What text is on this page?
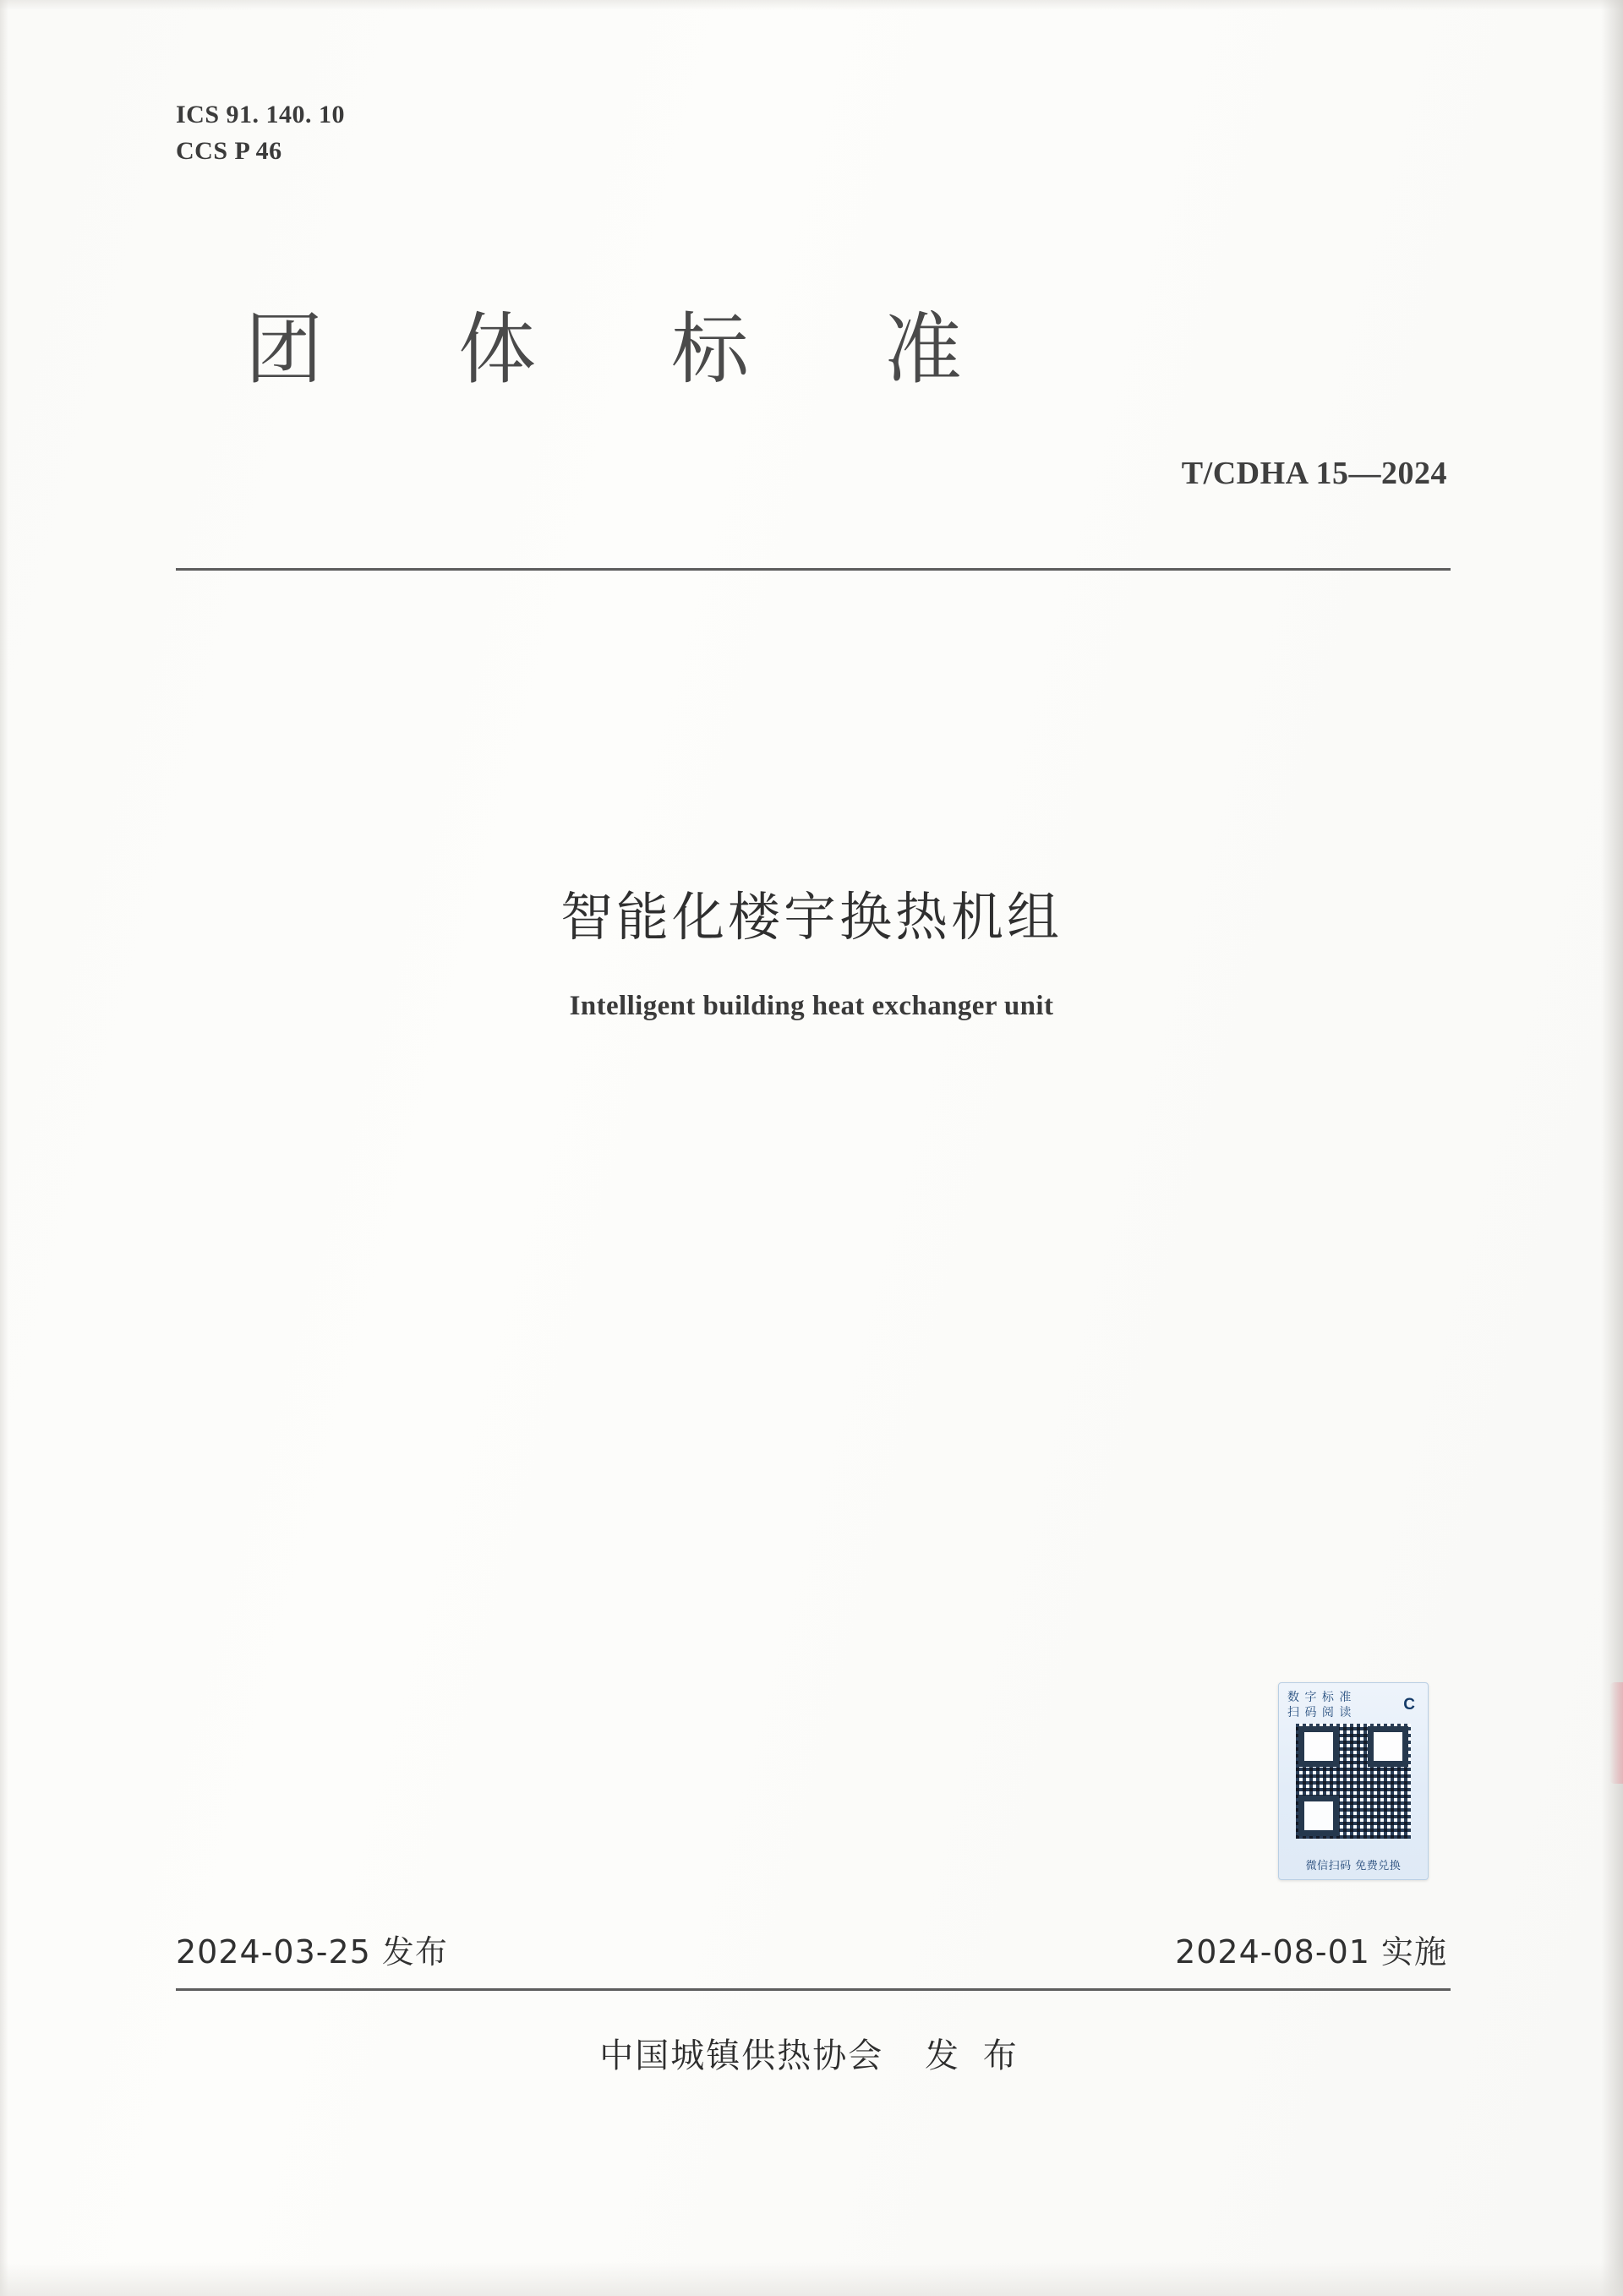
ICS 91. 140. 10
CCS P 46
团 体 标 准
T/CDHA 15—2024
智能化楼宇换热机组
Intelligent building heat exchanger unit
数 字 标 准
扫 码 阅 读	C
微信扫码 免费兑换
2024-03-25 发布	2024-08-01 实施
中国城镇供热协会 发 布
